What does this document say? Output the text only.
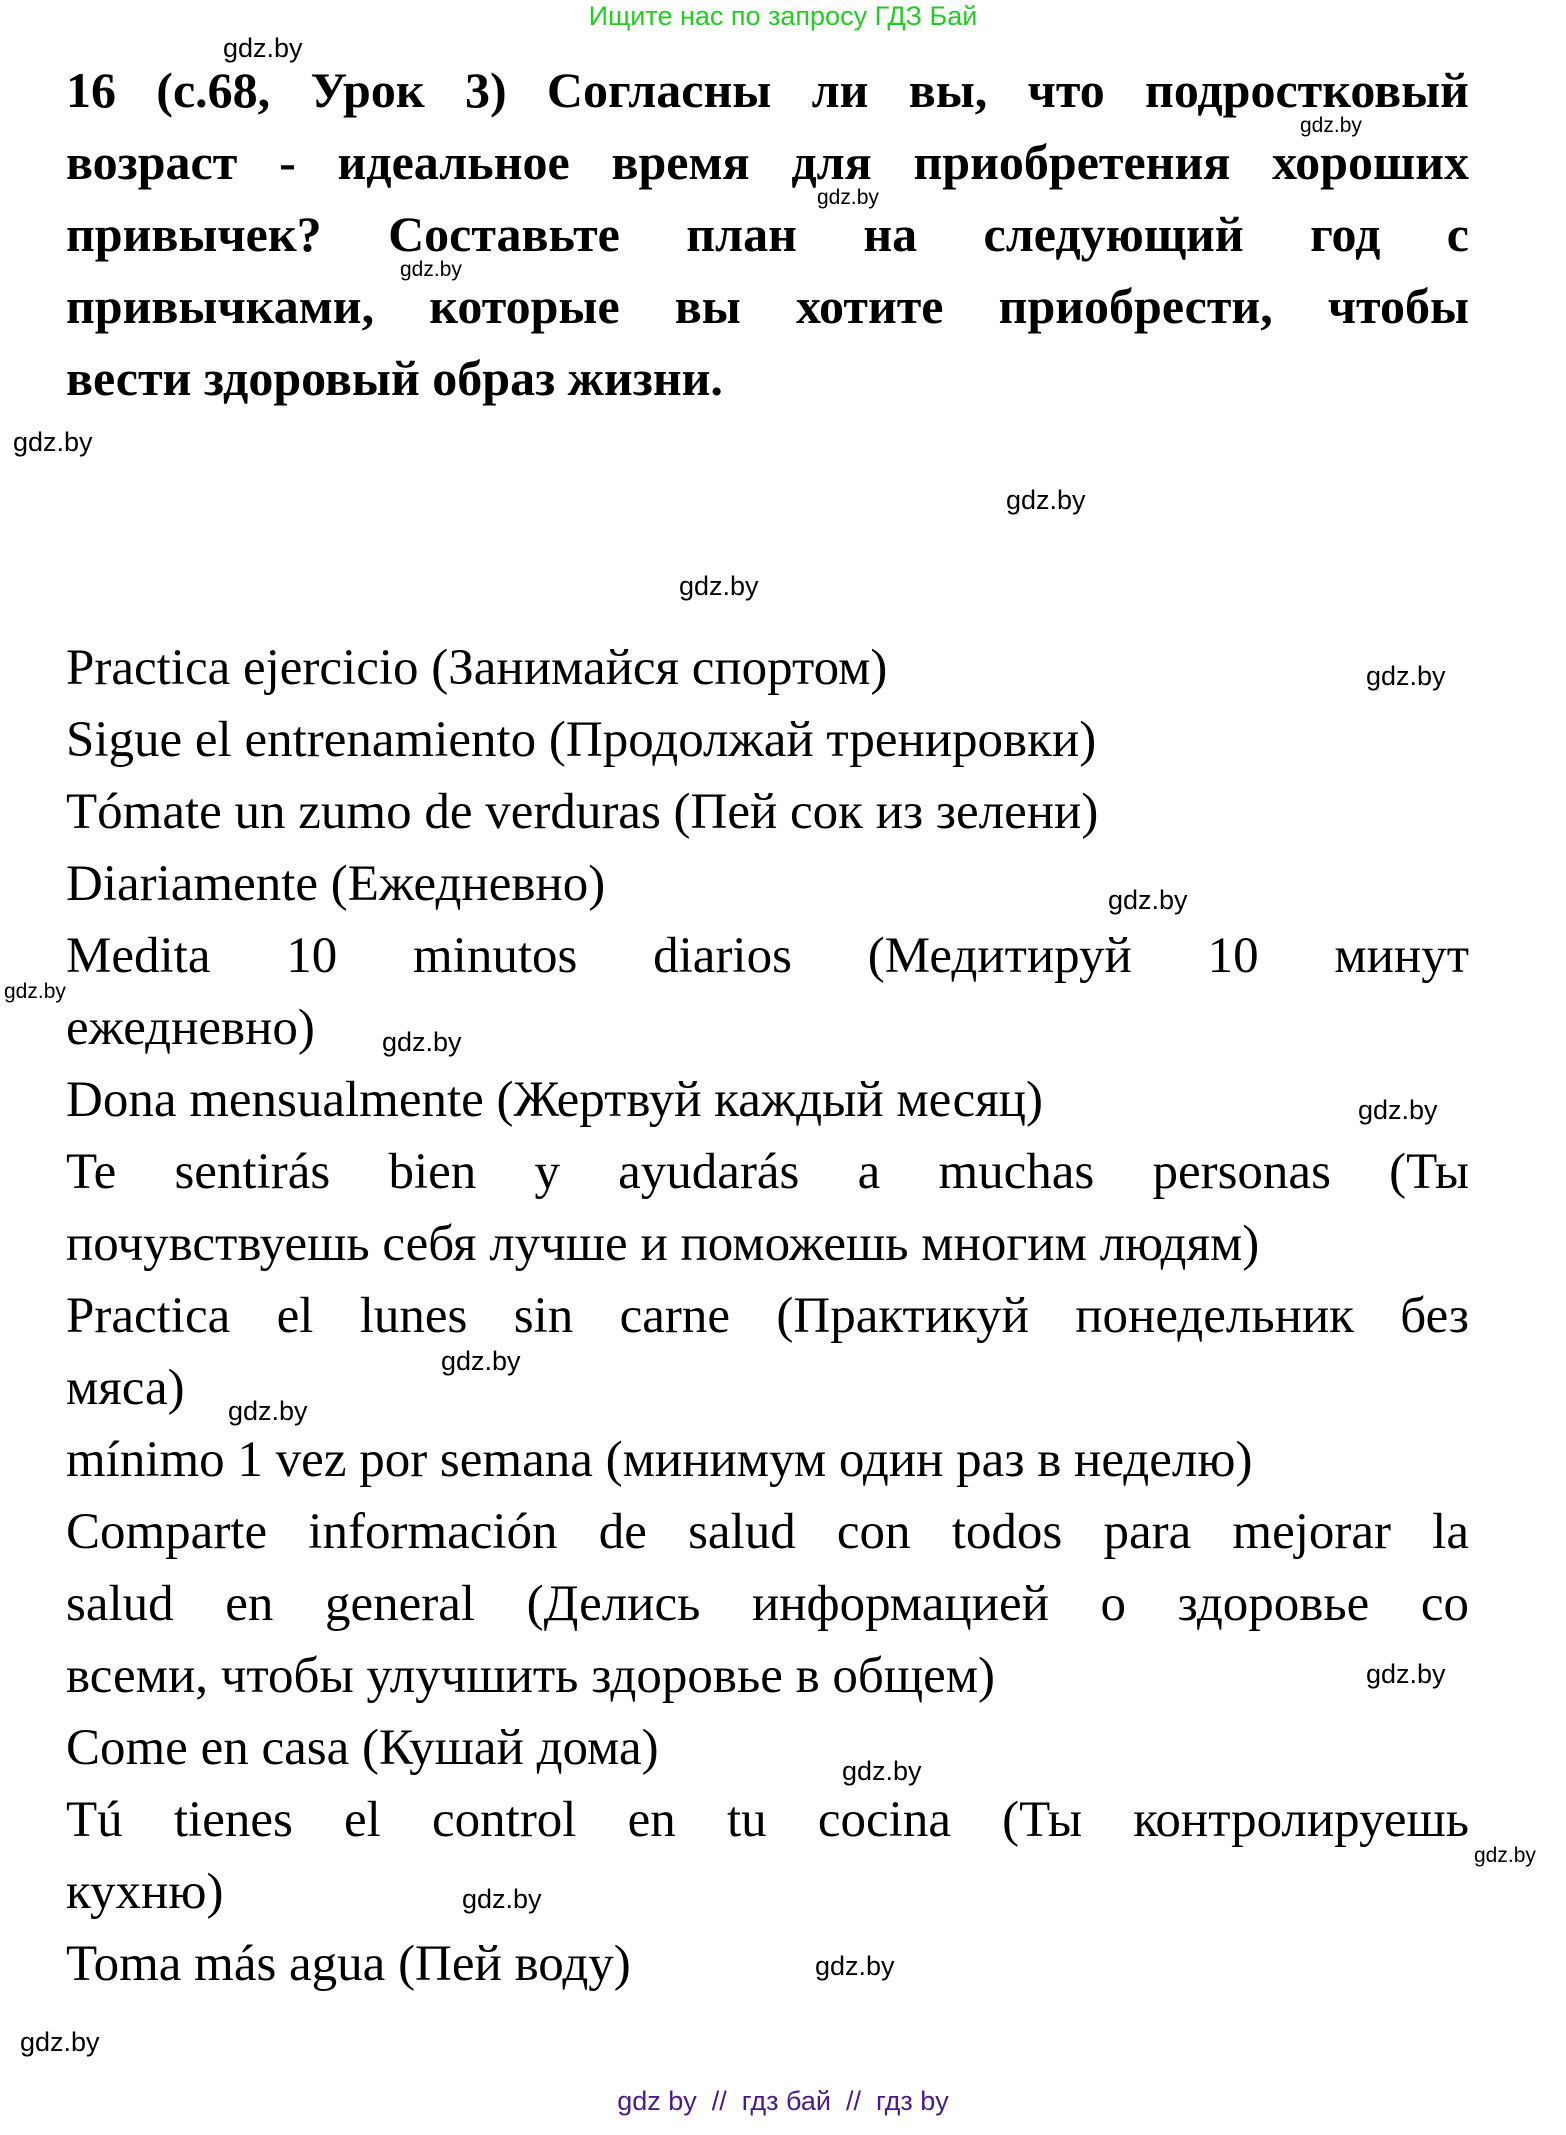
Ищите нас по запросу ГДЗ Бай
16 (с.68, Урок 3) Согласны ли вы, что подростковый
возраст - идеальное время для приобретения хороших
привычек? Составьте план на следующий год с
привычками, которые вы хотите приобрести, чтобы
вести здоровый образ жизни.
Practica ejercicio (Занимайся спортом)
Sigue el entrenamiento (Продолжай тренировки)
Tómate un zumo de verduras (Пей сок из зелени)
Diariamente (Ежедневно)
Medita 10 minutos diarios (Медитируй 10 минут
ежедневно)
Dona mensualmente (Жертвуй каждый месяц)
Te sentirás bien y ayudarás a muchas personas (Ты
почувствуешь себя лучше и поможешь многим людям)
Practica el lunes sin carne (Практикуй понедельник без
мяса)
mínimo 1 vez por semana (минимум один раз в неделю)
Comparte información de salud con todos para mejorar la
salud en general (Делись информацией о здоровье со
всеми, чтобы улучшить здоровье в общем)
Come en casa (Кушай дома)
Tú tienes el control en tu cocina (Ты контролируешь
кухню)
Toma más agua (Пей воду)
gdz.by
gdz.by
gdz.by
gdz.by
gdz.by
gdz.by
gdz.by
gdz.by
gdz.by
gdz.by
gdz.by
gdz.by
gdz.by
gdz.by
gdz.by
gdz.by
gdz.by
gdz.by
gdz.by
gdz.by
gdz by  //  гдз бай  //  гдз by
